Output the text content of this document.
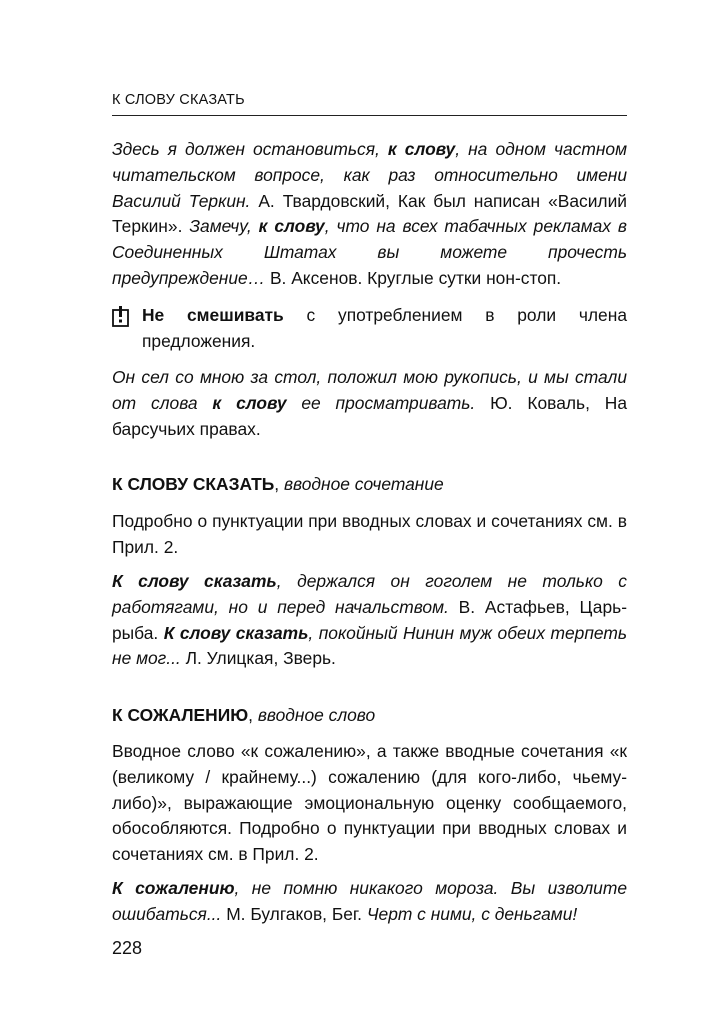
К СЛОВУ СКАЗАТЬ
Здесь я должен остановиться, к слову, на одном частном читательском вопросе, как раз относительно имени Василий Теркин. А. Твардовский, Как был написан «Василий Теркин». Замечу, к слову, что на всех табачных рекламах в Соединенных Штатах вы можете прочесть предупреждение… В. Аксенов. Круглые сутки нон-стоп.
Не смешивать с употреблением в роли члена предложения.
Он сел со мною за стол, положил мою рукопись, и мы стали от слова к слову ее просматривать. Ю. Коваль, На барсучьих правах.
К СЛОВУ СКАЗАТЬ, вводное сочетание
Подробно о пунктуации при вводных словах и сочетаниях см. в Прил. 2.
К слову сказать, держался он гоголем не только с работягами, но и перед начальством. В. Астафьев, Царь-рыба. К слову сказать, покойный Нинин муж обеих терпеть не мог... Л. Улицкая, Зверь.
К СОЖАЛЕНИЮ, вводное слово
Вводное слово «к сожалению», а также вводные сочетания «к (великому / крайнему...) сожалению (для кого-либо, чьему-либо)», выражающие эмоциональную оценку сообщаемого, обособляются. Подробно о пунктуации при вводных словах и сочетаниях см. в Прил. 2.
К сожалению, не помню никакого мороза. Вы изволите ошибаться... М. Булгаков, Бег. Черт с ними, с деньгами!
228
